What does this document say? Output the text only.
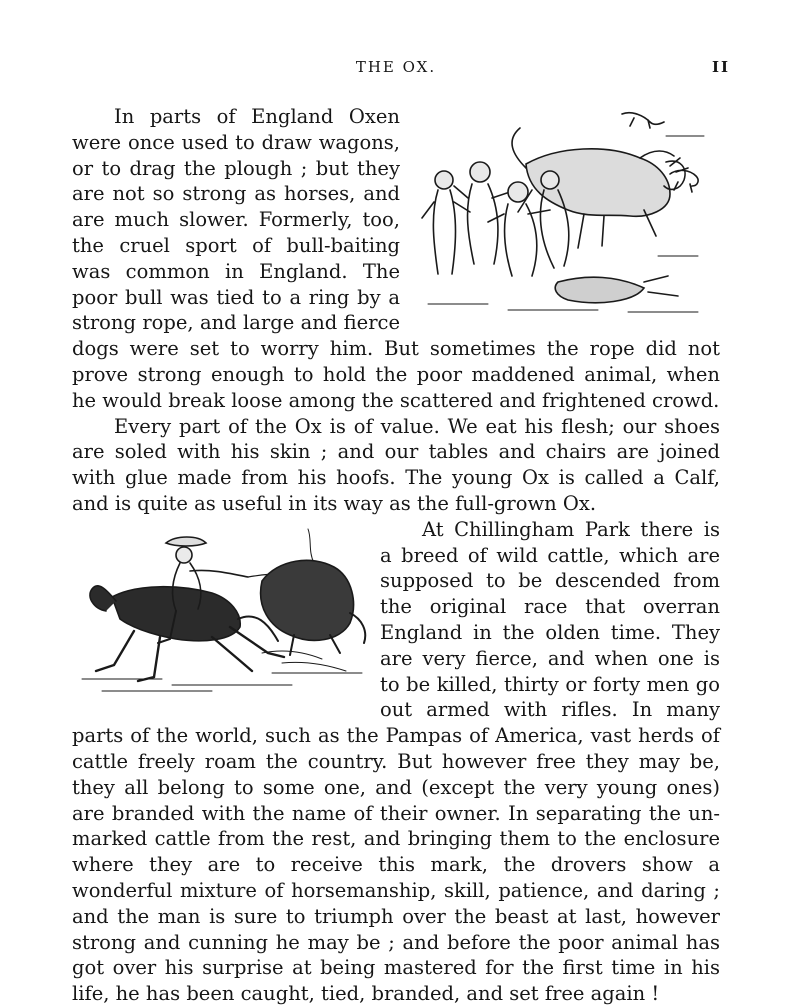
THE OX.	II

In parts of England Oxen were once used to draw wagons, or to drag the plough ; but they are not so strong as horses, and are much slower. Formerly, too, the cruel sport of bull-baiting was common in England. The poor bull was tied to a ring by a strong rope, and large and fierce dogs were set to worry him. But sometimes the rope did not prove strong enough to hold the poor maddened animal, when he would break loose among the scattered and frightened crowd.

Every part of the Ox is of value. We eat his flesh; our shoes are soled with his skin ; and our tables and chairs are joined with glue made from his hoofs. The young Ox is called a Calf, and is quite as useful in its way as the full-grown Ox.

At Chillingham Park there is a breed of wild cattle, which are supposed to be descended from the original race that overran England in the olden time. They are very fierce, and when one is to be killed, thirty or forty men go out armed with rifles. In many parts of the world, such as the Pampas of America, vast herds of cattle freely roam the country. But however free they may be, they all belong to some one, and (except the very young ones) are branded with the name of their owner. In separating the un-marked cattle from the rest, and bringing them to the enclosure where they are to receive this mark, the drovers show a wonderful mixture of horsemanship, skill, patience, and daring ; and the man is sure to triumph over the beast at last, however strong and cunning he may be ; and before the poor animal has got over his surprise at being mastered for the first time in his life, he has been caught, tied, branded, and set free again !
